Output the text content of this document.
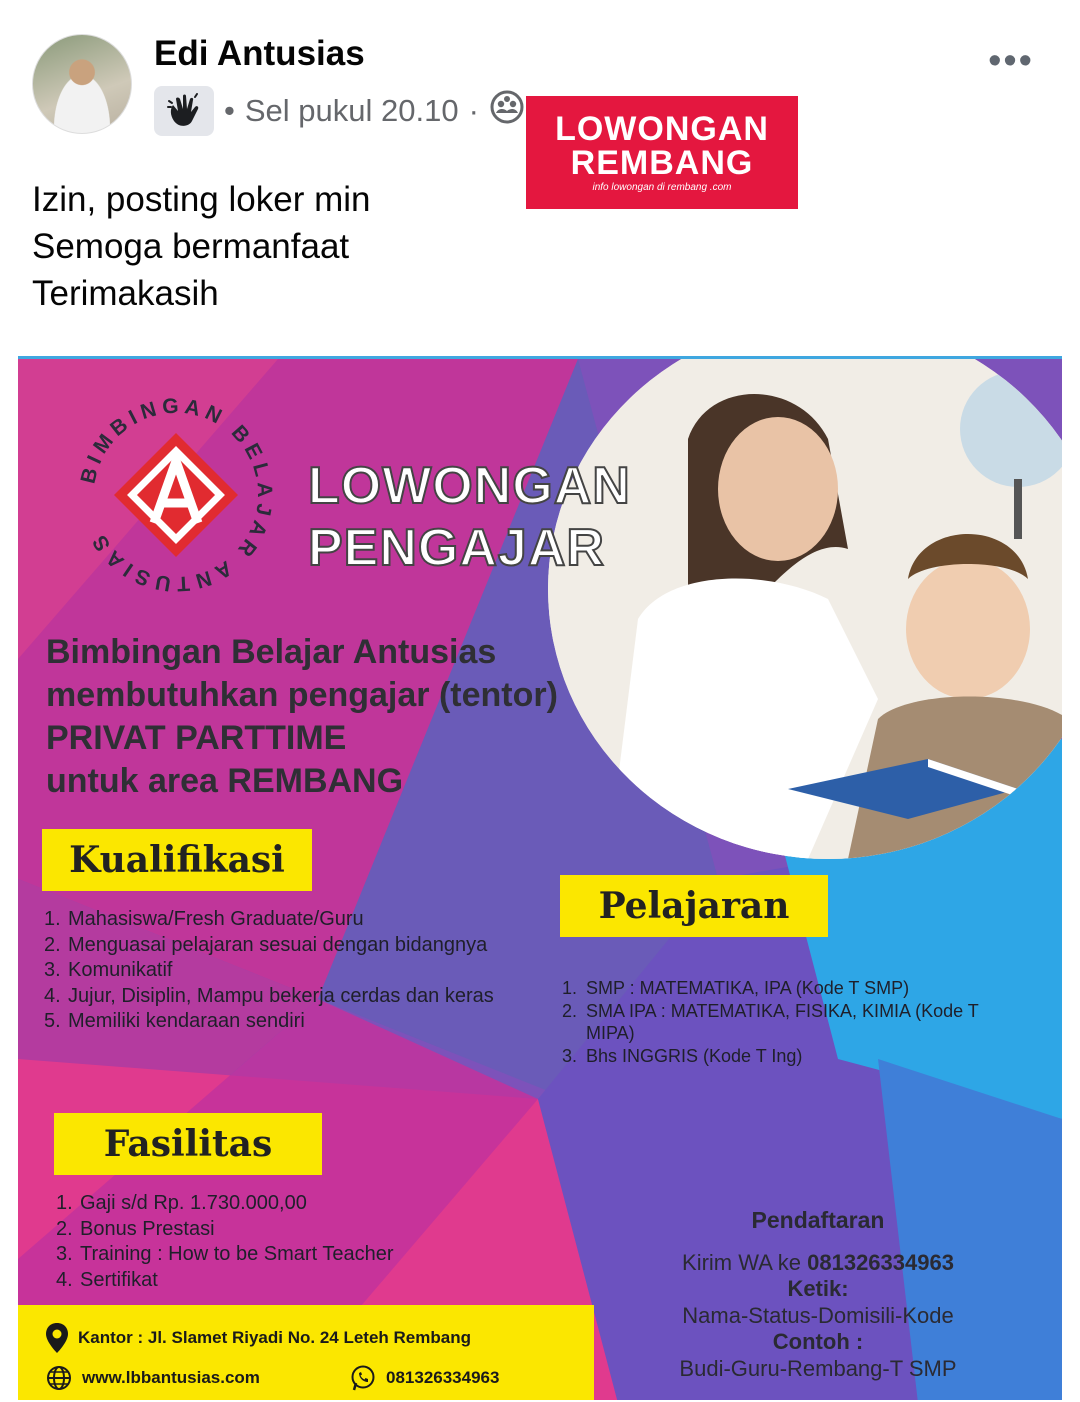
Edi Antusias
• Sel pukul 20.10 ·
•••
LOWONGAN
REMBANG
info lowongan di rembang .com
Izin, posting loker min
Semoga bermanfaat
Terimakasih
BIMBINGAN BELAJAR ANTUSIAS
LOWONGAN
PENGAJAR
Bimbingan Belajar Antusias
membutuhkan pengajar (tentor)
PRIVAT PARTTIME
untuk area REMBANG
Kualifikasi
1. Mahasiswa/Fresh Graduate/Guru
2. Menguasai pelajaran sesuai dengan bidangnya
3. Komunikatif
4. Jujur, Disiplin, Mampu bekerja cerdas dan keras
5. Memiliki kendaraan sendiri
Pelajaran
1. SMP : MATEMATIKA, IPA (Kode T SMP)
2. SMA IPA : MATEMATIKA, FISIKA, KIMIA (Kode T MIPA)
3. Bhs INGGRIS (Kode T Ing)
Fasilitas
1. Gaji s/d Rp. 1.730.000,00
2. Bonus Prestasi
3. Training : How to be Smart Teacher
4. Sertifikat
Pendaftaran
Kirim WA ke 081326334963
Ketik:
Nama-Status-Domisili-Kode
Contoh :
Budi-Guru-Rembang-T SMP
Kantor : Jl. Slamet Riyadi No. 24 Leteh Rembang
www.lbbantusias.com	081326334963
